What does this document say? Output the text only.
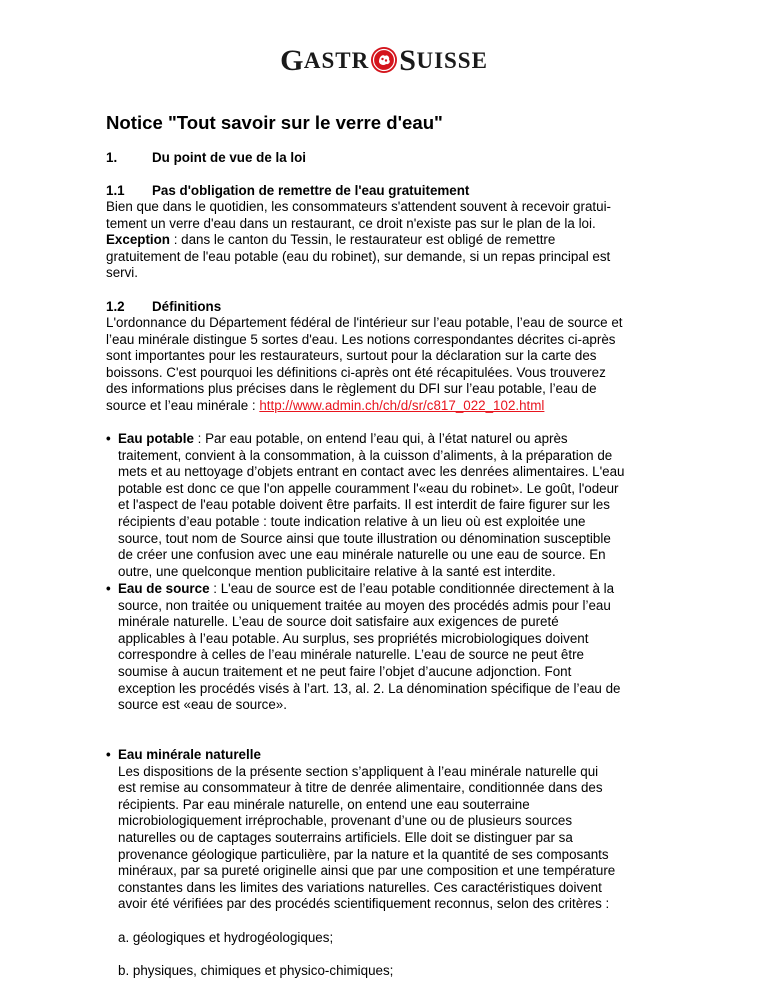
G ASTR S UISSE
Notice "Tout savoir sur le verre d'eau"
1.	Du point de vue de la loi
1.1 Pas d'obligation de remettre de l'eau gratuitement

Bien que dans le quotidien, les consommateurs s'attendent souvent à recevoir gratui-

tement un verre d'eau dans un restaurant, ce droit n'existe pas sur le plan de la loi.

Exception : dans le canton du Tessin, le restaurateur est obligé de remettre

gratuitement de l'eau potable (eau du robinet), sur demande, si un repas principal est

servi.

1.2 Définitions

L'ordonnance du Département fédéral de l'intérieur sur l’eau potable, l’eau de source et

l’eau minérale distingue 5 sortes d'eau. Les notions correspondantes décrites ci-après

sont importantes pour les restaurateurs, surtout pour la déclaration sur la carte des

boissons. C'est pourquoi les définitions ci-après ont été récapitulées. Vous trouverez

des informations plus précises dans le règlement du DFI sur l’eau potable, l’eau de

source et l’eau minérale : http://www.admin.ch/ch/d/sr/c817_022_102.html

• Eau potable : Par eau potable, on entend l’eau qui, à l’état naturel ou après

traitement, convient à la consommation, à la cuisson d’aliments, à la préparation de

mets et au nettoyage d’objets entrant en contact avec les denrées alimentaires. L'eau

potable est donc ce que l'on appelle couramment l'«eau du robinet». Le goût, l'odeur

et l'aspect de l'eau potable doivent être parfaits. Il est interdit de faire figurer sur les

récipients d’eau potable : toute indication relative à un lieu où est exploitée une

source, tout nom de Source ainsi que toute illustration ou dénomination susceptible

de créer une confusion avec une eau minérale naturelle ou une eau de source. En

outre, une quelconque mention publicitaire relative à la santé est interdite.

• Eau de source : L'eau de source est de l’eau potable conditionnée directement à la

source, non traitée ou uniquement traitée au moyen des procédés admis pour l’eau

minérale naturelle. L’eau de source doit satisfaire aux exigences de pureté

applicables à l’eau potable. Au surplus, ses propriétés microbiologiques doivent

correspondre à celles de l’eau minérale naturelle. L’eau de source ne peut être

soumise à aucun traitement et ne peut faire l’objet d’aucune adjonction. Font

exception les procédés visés à l’art. 13, al. 2. La dénomination spécifique de l’eau de

source est «eau de source».

• Eau minérale naturelle

Les dispositions de la présente section s’appliquent à l’eau minérale naturelle qui

est remise au consommateur à titre de denrée alimentaire, conditionnée dans des

récipients. Par eau minérale naturelle, on entend une eau souterraine

microbiologiquement irréprochable, provenant d’une ou de plusieurs sources

naturelles ou de captages souterrains artificiels. Elle doit se distinguer par sa

provenance géologique particulière, par la nature et la quantité de ses composants

minéraux, par sa pureté originelle ainsi que par une composition et une température

constantes dans les limites des variations naturelles. Ces caractéristiques doivent

avoir été vérifiées par des procédés scientifiquement reconnus, selon des critères :

a. géologiques et hydrogéologiques;
b. physiques, chimiques et physico-chimiques;
